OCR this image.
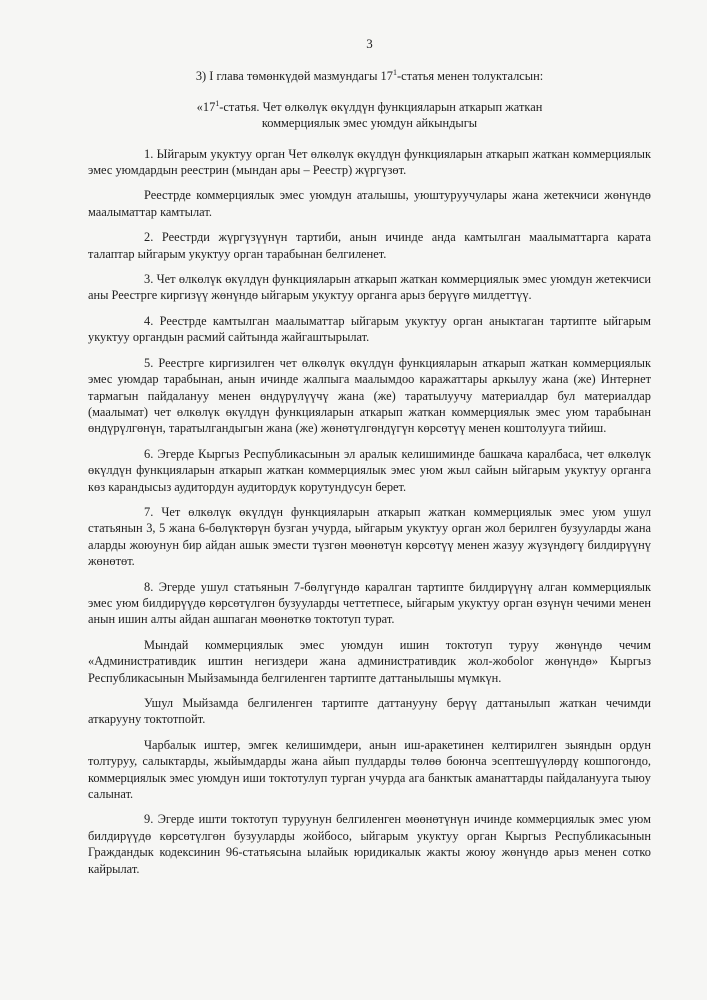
3
3) I глава төмөнкүдөй мазмундагы $17^1$-статья менен толукталсын:
«$17^1$-статья. Чет өлкөлүк өкүлдүн функцияларын аткарып жаткан
коммерциялык эмес уюмдун айкындыгы

1. Ыйгарым укуктуу орган Чет өлкөлүк өкүлдүн функцияларын аткарып жаткан коммерциялык эмес уюмдардын реестрин (мындан ары – Реестр) жүргүзөт.

Реестрде коммерциялык эмес уюмдун аталышы, уюштуруучулары жана жетекчиси жөнүндө маалыматтар камтылат.

2. Реестрди жүргүзүүнүн тартиби, анын ичинде анда камтылган маалыматтарга карата талаптар ыйгарым укуктуу орган тарабынан белгиленет.

3. Чет өлкөлүк өкүлдүн функцияларын аткарып жаткан коммерциялык эмес уюмдун жетекчиси аны Реестрге киргизүү жөнүндө ыйгарым укуктуу органга арыз берүүгө милдеттүү.

4. Реестрде камтылган маалыматтар ыйгарым укуктуу орган аныктаган тартипте ыйгарым укуктуу органдын расмий сайтында жайгаштырылат.

5. Реестрге киргизилген чет өлкөлүк өкүлдүн функцияларын аткарып жаткан коммерциялык эмес уюмдар тарабынан, анын ичинде жалпыга маалымдоо каражаттары аркылуу жана (же) Интернет тармагын пайдалануу менен өндүрүлүүчү жана (же) таратылуучу материалдар бул материалдар (маалымат) чет өлкөлүк өкүлдүн функцияларын аткарып жаткан коммерциялык эмес уюм тарабынан өндүрүлгөнүн, таратылгандыгын жана (же) жөнөтүлгөндүгүн көрсөтүү менен коштолууга тийиш.

6. Эгерде Кыргыз Республикасынын эл аралык келишиминде башкача каралбаса, чет өлкөлүк өкүлдүн функцияларын аткарып жаткан коммерциялык эмес уюм жыл сайын ыйгарым укуктуу органга көз карандысыз аудитордун аудитордук корутундусун берет.

7. Чет өлкөлүк өкүлдүн функцияларын аткарып жаткан коммерциялык эмес уюм ушул статьянын 3, 5 жана 6-бөлүктөрүн бузган учурда, ыйгарым укуктуу орган жол берилген бузууларды жана аларды жоюунун бир айдан ашык эмести түзгөн мөөнөтүн көрсөтүү менен жазуу жүзүндөгү билдирүүнү жөнөтөт.

8. Эгерде ушул статьянын 7-бөлүгүндө каралган тартипте билдирүүнү алган коммерциялык эмес уюм билдирүүдө көрсөтүлгөн бузууларды четтетпесе, ыйгарым укуктуу орган өзүнүн чечими менен анын ишин алты айдан ашпаган мөөнөткө токтотуп турат.

Мындай коммерциялык эмес уюмдун ишин токтотуп туруу жөнүндө чечим «Административдик иштин негиздери жана административдик жол-жобolor жөнүндө» Кыргыз Республикасынын Мыйзамында белгиленген тартипте даттанылышы мүмкүн.

Ушул Мыйзамда белгиленген тартипте даттанууну берүү даттанылып жаткан чечимди аткарууну токтотпойт.

Чарбалык иштер, эмгек келишимдери, анын иш-аракетинен келтирилген зыяндын ордун толтуруу, салыктарды, жыйымдарды жана айып пулдарды төлөө боюнча эсептешүүлөрдү кошпогондо, коммерциялык эмес уюмдун иши токтотулуп турган учурда ага банктык аманаттарды пайдаланууга тыюу салынат.

9. Эгерде ишти токтотуп туруунун белгиленген мөөнөтүнүн ичинде коммерциялык эмес уюм билдирүүдө көрсөтүлгөн бузууларды жойбосо, ыйгарым укуктуу орган Кыргыз Республикасынын Граждандык кодексинин 96-статьясына ылайык юридикалык жакты жоюу жөнүндө арыз менен сотко кайрылат.
